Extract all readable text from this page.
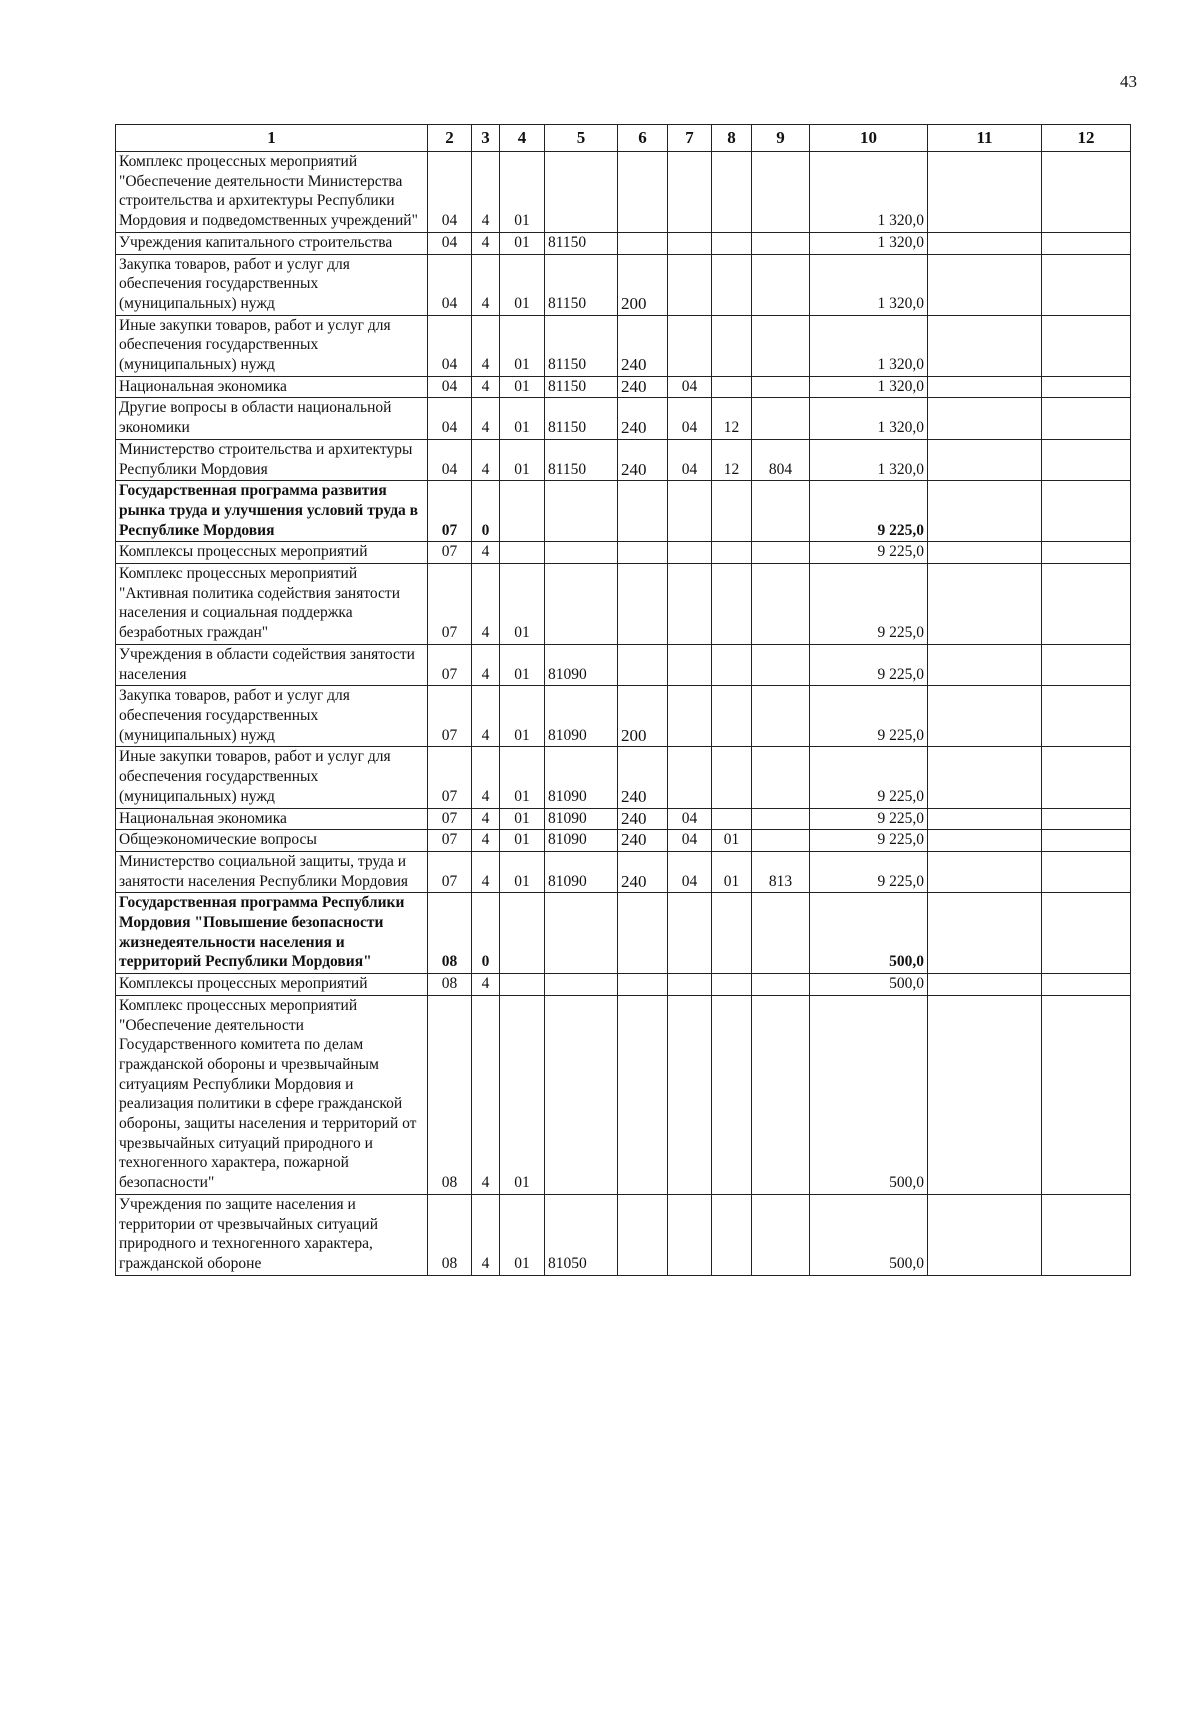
43
1	2	3	4	5	6	7	8	9	10	11	12
Комплекс процессных мероприятий "Обеспечение деятельности Министерства строительства и архитектуры Республики Мордовия и подведомственных учреждений"	04	4	01						1 320,0		
Учреждения капитального строительства	04	4	01	81150					1 320,0		
Закупка товаров, работ и услуг для обеспечения государственных (муниципальных) нужд	04	4	01	81150	200				1 320,0		
Иные закупки товаров, работ и услуг для обеспечения государственных (муниципальных) нужд	04	4	01	81150	240				1 320,0		
Национальная экономика	04	4	01	81150	240	04			1 320,0		
Другие вопросы в области национальной экономики	04	4	01	81150	240	04	12		1 320,0		
Министерство строительства и архитектуры Республики Мордовия	04	4	01	81150	240	04	12	804	1 320,0		
Государственная программа развития рынка труда и улучшения условий труда в Республике Мордовия	07	0							9 225,0		
Комплексы процессных мероприятий	07	4							9 225,0		
Комплекс процессных мероприятий "Активная политика содействия занятости населения и социальная поддержка безработных граждан"	07	4	01						9 225,0		
Учреждения в области содействия занятости населения	07	4	01	81090					9 225,0		
Закупка товаров, работ и услуг для обеспечения государственных (муниципальных) нужд	07	4	01	81090	200				9 225,0		
Иные закупки товаров, работ и услуг для обеспечения государственных (муниципальных) нужд	07	4	01	81090	240				9 225,0		
Национальная экономика	07	4	01	81090	240	04			9 225,0		
Общеэкономические вопросы	07	4	01	81090	240	04	01		9 225,0		
Министерство социальной защиты, труда и занятости населения Республики Мордовия	07	4	01	81090	240	04	01	813	9 225,0		
Государственная программа Республики Мордовия "Повышение безопасности жизнедеятельности населения и территорий Республики Мордовия"	08	0							500,0		
Комплексы процессных мероприятий	08	4							500,0		
Комплекс процессных мероприятий "Обеспечение деятельности Государственного комитета по делам гражданской обороны и чрезвычайным ситуациям Республики Мордовия и реализация политики в сфере гражданской обороны, защиты населения и территорий от чрезвычайных ситуаций природного и техногенного характера, пожарной безопасности"	08	4	01						500,0		
Учреждения по защите населения и территории от чрезвычайных ситуаций природного и техногенного характера, гражданской обороне	08	4	01	81050					500,0		
